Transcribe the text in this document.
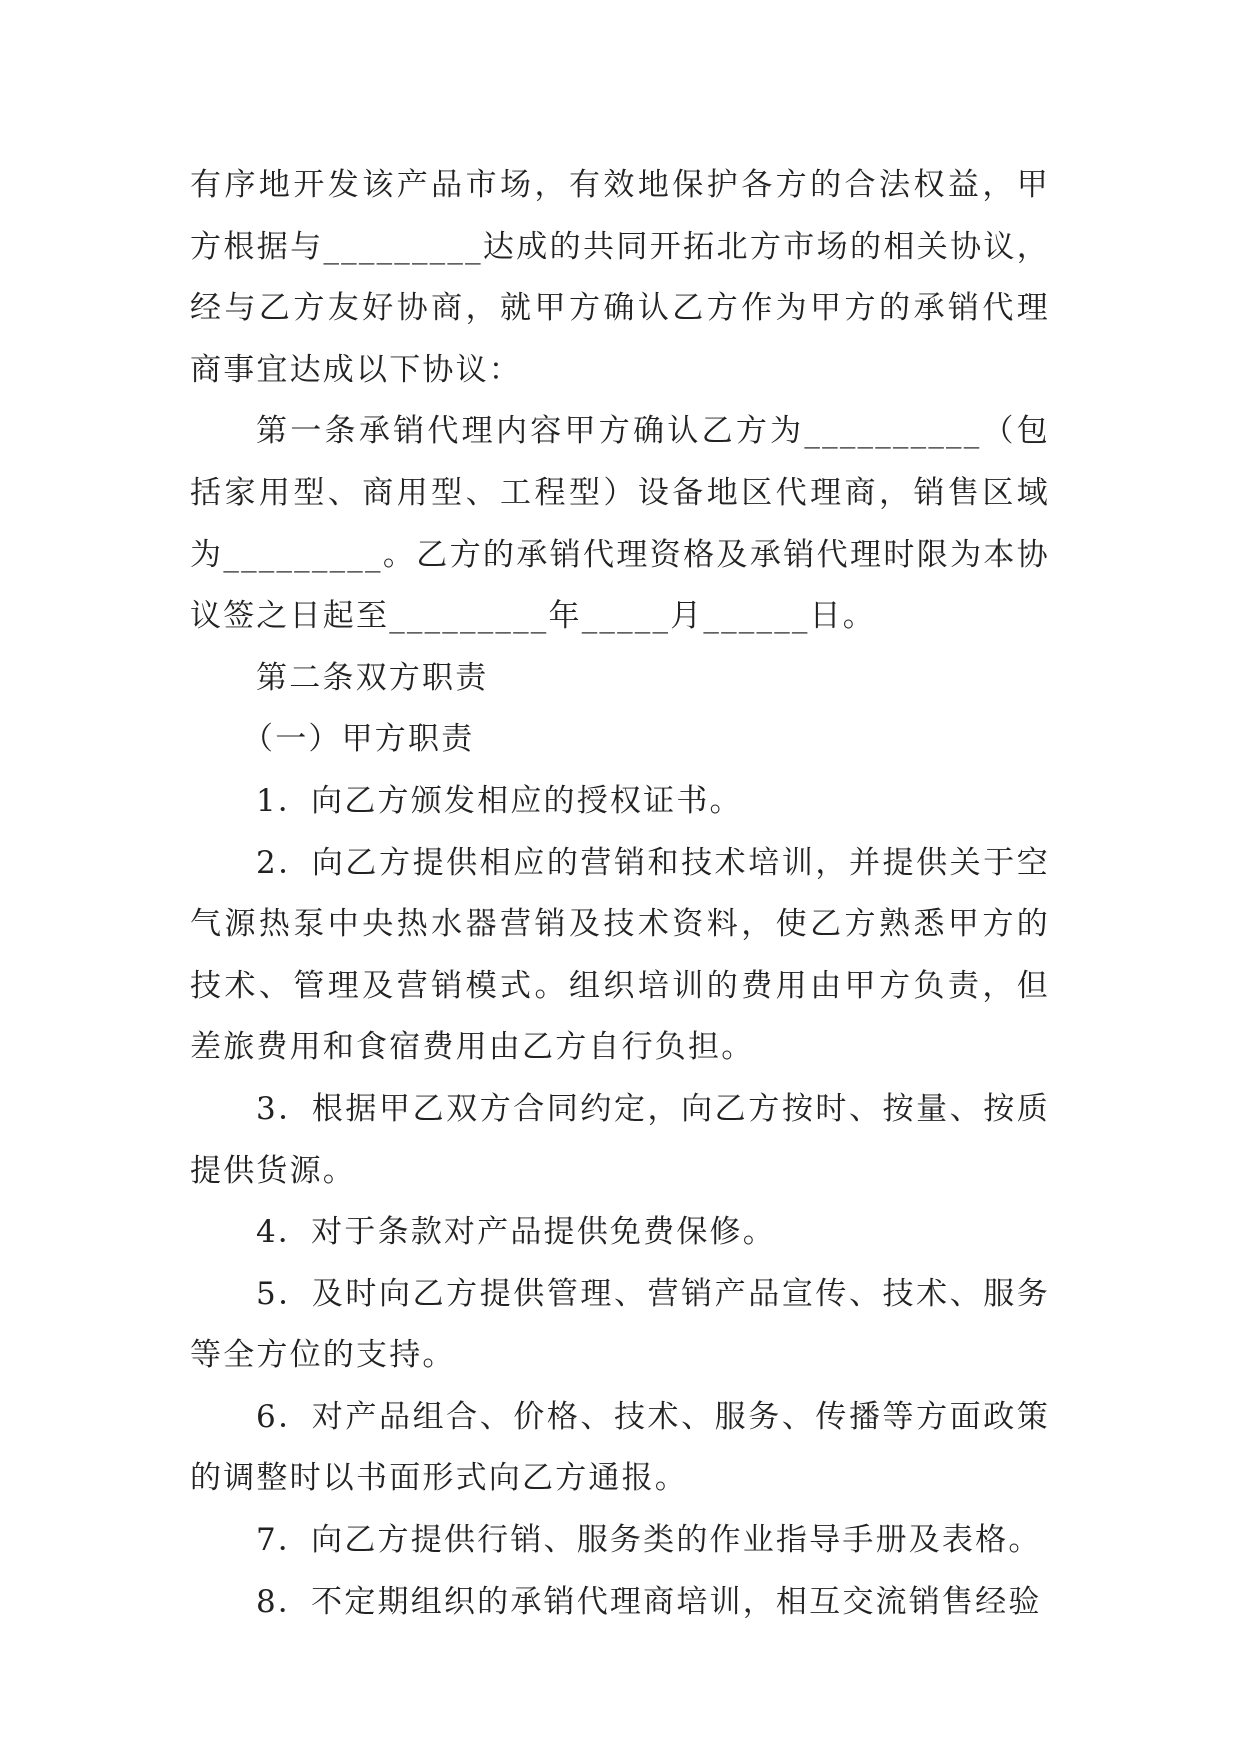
有序地开发该产品市场，有效地保护各方的合法权益，甲方根据与_________达成的共同开拓北方市场的相关协议，经与乙方友好协商，就甲方确认乙方作为甲方的承销代理商事宜达成以下协议：

第一条承销代理内容甲方确认乙方为__________（包括家用型、商用型、工程型）设备地区代理商，销售区域为_________。乙方的承销代理资格及承销代理时限为本协议签之日起至_________年_____月______日。

第二条双方职责

（一）甲方职责

1．向乙方颁发相应的授权证书。

2．向乙方提供相应的营销和技术培训，并提供关于空气源热泵中央热水器营销及技术资料，使乙方熟悉甲方的技术、管理及营销模式。组织培训的费用由甲方负责，但差旅费用和食宿费用由乙方自行负担。

3．根据甲乙双方合同约定，向乙方按时、按量、按质提供货源。

4．对于条款对产品提供免费保修。

5．及时向乙方提供管理、营销产品宣传、技术、服务等全方位的支持。

6．对产品组合、价格、技术、服务、传播等方面政策的调整时以书面形式向乙方通报。

7．向乙方提供行销、服务类的作业指导手册及表格。

8．不定期组织的承销代理商培训，相互交流销售经验
